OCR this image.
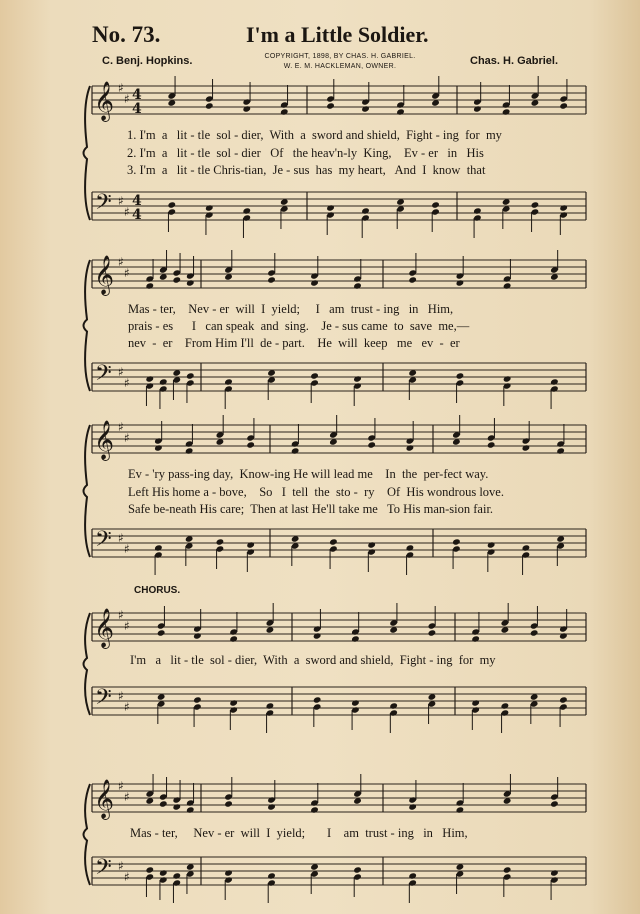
No. 73.	I'm a Little Soldier.
C. Benj. Hopkins.	COPYRIGHT, 1898, BY CHAS. H. GABRIEL.
W. E. M. HACKLEMAN, OWNER.	Chas. H. Gabriel.
𝄞
𝄢
♯
♯
♯
♯
4
4
4
4
𝄞
𝄢
♯
♯
♯
♯
𝄞
𝄢
♯
♯
♯
♯
𝄞
𝄢
♯
♯
♯
♯
𝄞
𝄢
♯
♯
♯
♯
1. I'm  a   lit - tle  sol - dier,  With  a  sword and shield,  Fight - ing  for  my
2. I'm  a   lit - tle  sol - dier   Of   the heav'n-ly  King,    Ev - er   in   His
3. I'm  a   lit - tle Chris-tian,  Je - sus  has  my heart,   And  I  know  that
Mas - ter,    Nev - er  will  I  yield;     I   am  trust - ing   in   Him,
prais - es      I   can speak  and  sing.    Je - sus came  to  save  me,—
nev  -  er    From Him I'll  de - part.    He  will  keep   me   ev  -  er
Ev - 'ry pass-ing day,  Know-ing He will lead me    In  the  per-fect way.
Left His home a - bove,    So   I  tell  the  sto -  ry    Of  His wondrous love.
Safe be-neath His care;  Then at last He'll take me   To His man-sion fair.
CHORUS.
I'm   a   lit - tle  sol - dier,  With  a  sword and shield,  Fight - ing  for  my
Mas - ter,     Nev - er  will  I  yield;       I    am  trust - ing   in   Him,
